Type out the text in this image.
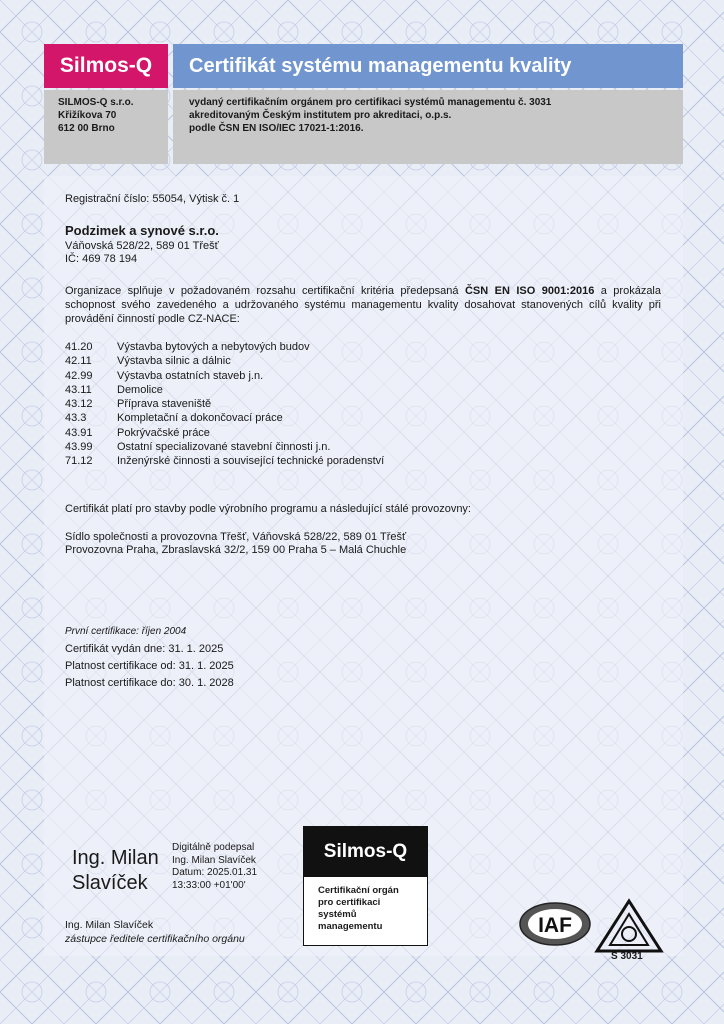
Silmos-Q	Certifikát systému managementu kvality
SILMOS-Q s.r.o.
Křižíkova 70
612 00 Brno
vydaný certifikačním orgánem pro certifikaci systémů managementu č. 3031
akreditovaným Českým institutem pro akreditaci, o.p.s.
podle ČSN EN ISO/IEC 17021-1:2016.
Registrační číslo: 55054, Výtisk č. 1
Podzimek a synové s.r.o.
Váňovská 528/22, 589 01 Třešť
IČ: 469 78 194
Organizace splňuje v požadovaném rozsahu certifikační kritéria předepsaná ČSN EN ISO 9001:2016 a prokázala schopnost svého zavedeného a udržovaného systému managementu kvality dosahovat stanovených cílů kvality při provádění činností podle CZ-NACE:
41.20	Výstavba bytových a nebytových budov
42.11	Výstavba silnic a dálnic
42.99	Výstavba ostatních staveb j.n.
43.11	Demolice
43.12	Příprava staveniště
43.3	Kompletační a dokončovací práce
43.91	Pokrývačské práce
43.99	Ostatní specializované stavební činnosti j.n.
71.12	Inženýrské činnosti a související technické poradenství
Certifikát platí pro stavby podle výrobního programu a následující stálé provozovny:
Sídlo společnosti a provozovna Třešť, Váňovská 528/22, 589 01 Třešť
Provozovna Praha, Zbraslavská 32/2, 159 00 Praha 5 – Malá Chuchle
První certifikace: říjen 2004
Certifikát vydán dne: 31. 1. 2025
Platnost certifikace od: 31. 1. 2025
Platnost certifikace do: 30. 1. 2028
Ing. Milan
Slavíček
Digitálně podepsal
Ing. Milan Slavíček
Datum: 2025.01.31
13:33:00 +01'00'
Ing. Milan Slavíček
zástupce ředitele certifikačního orgánu
Silmos-Q
Certifikační orgán
pro certifikaci
systémů
managementu	IAF
S 3031
